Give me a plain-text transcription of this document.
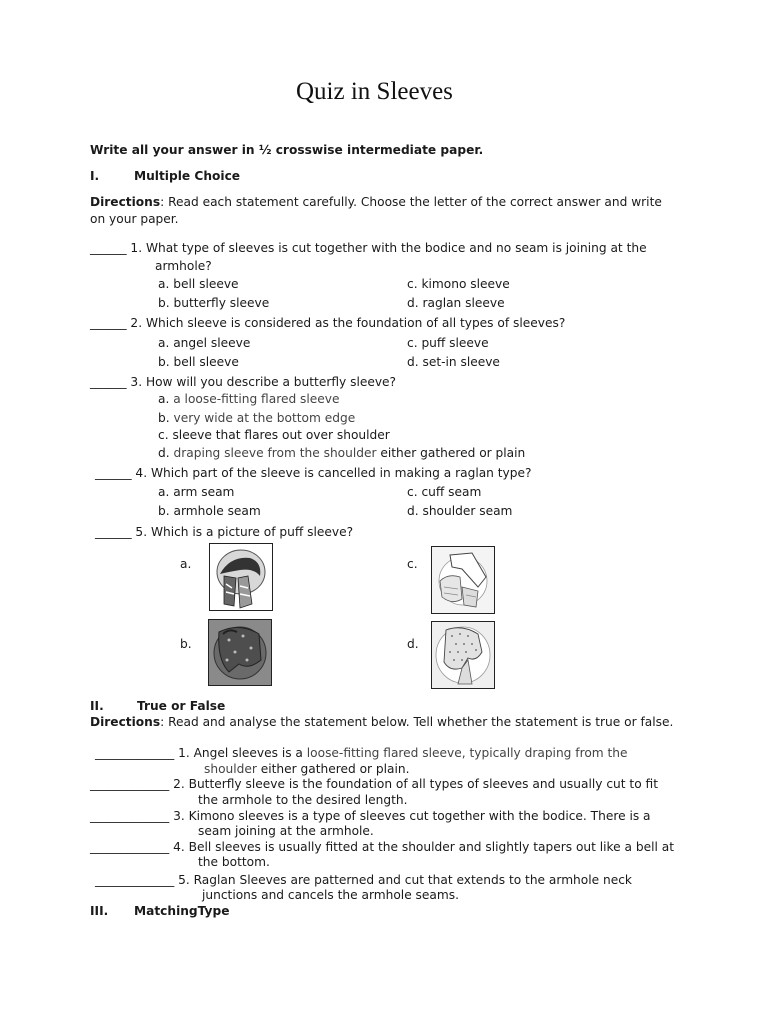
Quiz in Sleeves
Write all your answer in ½ crosswise intermediate paper.
I.	Multiple Choice
Directions: Read each statement carefully. Choose the letter of the correct answer and write
on your paper.
______ 1. What type of sleeves is cut together with the bodice and no seam is joining at the
armhole?
a. bell sleeve
b. butterfly sleeve
c. kimono sleeve
d. raglan sleeve
______ 2. Which sleeve is considered as the foundation of all types of sleeves?
a. angel sleeve
b. bell sleeve
c. puff sleeve
d. set-in sleeve
______ 3. How will you describe a butterfly sleeve?
a. a loose-fitting flared sleeve
b. very wide at the bottom edge
c. sleeve that flares out over shoulder
d. draping sleeve from the shoulder either gathered or plain
______ 4. Which part of the sleeve is cancelled in making a raglan type?
a. arm seam
b. armhole seam
c. cuff seam
d. shoulder seam
______ 5. Which is a picture of puff sleeve?
a.	c.
b.	d.
II.	True or False
Directions: Read and analyse the statement below. Tell whether the statement is true or false.
_____________ 1. Angel sleeves is a loose-fitting flared sleeve, typically draping from the
shoulder either gathered or plain.
_____________ 2. Butterfly sleeve is the foundation of all types of sleeves and usually cut to fit
the armhole to the desired length.
_____________ 3. Kimono sleeves is a type of sleeves cut together with the bodice. There is a
seam joining at the armhole.
_____________ 4. Bell sleeves is usually fitted at the shoulder and slightly tapers out like a bell at
the bottom.
_____________ 5. Raglan Sleeves are patterned and cut that extends to the armhole neck
junctions and cancels the armhole seams.
III. MatchingType
